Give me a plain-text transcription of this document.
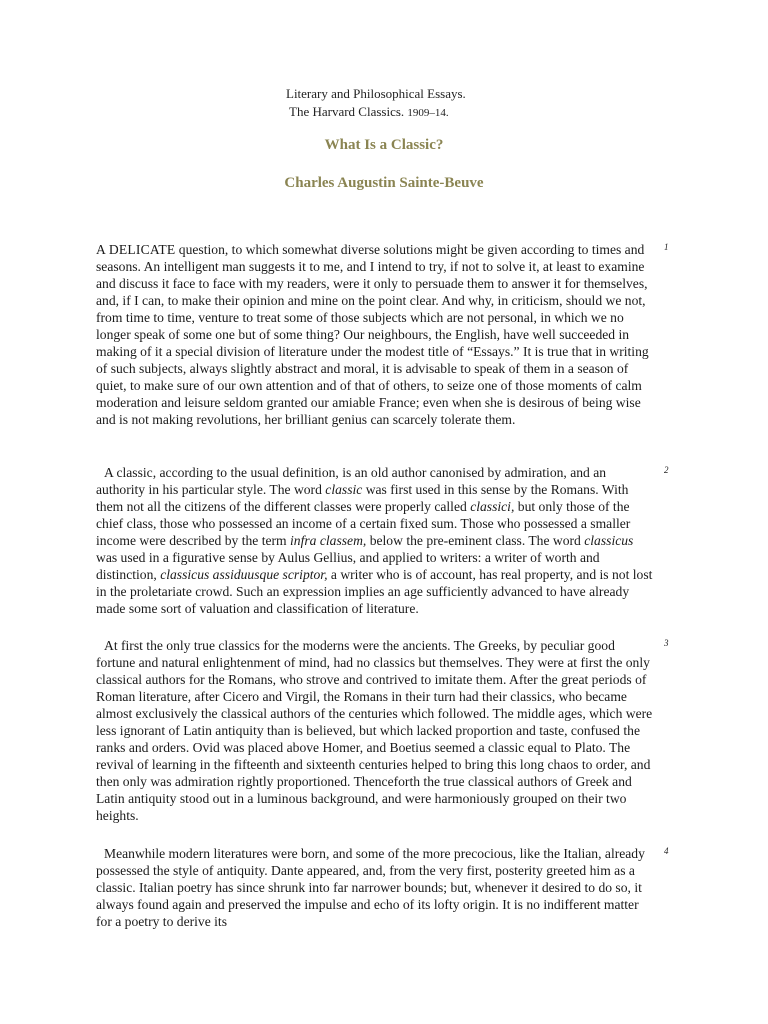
Literary and Philosophical Essays.
The Harvard Classics. 1909–14.
What Is a Classic?
Charles Augustin Sainte-Beuve
A DELICATE question, to which somewhat diverse solutions might be given according to times and seasons. An intelligent man suggests it to me, and I intend to try, if not to solve it, at least to examine and discuss it face to face with my readers, were it only to persuade them to answer it for themselves, and, if I can, to make their opinion and mine on the point clear. And why, in criticism, should we not, from time to time, venture to treat some of those subjects which are not personal, in which we no longer speak of some one but of some thing? Our neighbours, the English, have well succeeded in making of it a special division of literature under the modest title of “Essays.” It is true that in writing of such subjects, always slightly abstract and moral, it is advisable to speak of them in a season of quiet, to make sure of our own attention and of that of others, to seize one of those moments of calm moderation and leisure seldom granted our amiable France; even when she is desirous of being wise and is not making revolutions, her brilliant genius can scarcely tolerate them.
1
A classic, according to the usual definition, is an old author canonised by admiration, and an authority in his particular style. The word classic was first used in this sense by the Romans. With them not all the citizens of the different classes were properly called classici, but only those of the chief class, those who possessed an income of a certain fixed sum. Those who possessed a smaller income were described by the term infra classem, below the pre-eminent class. The word classicus was used in a figurative sense by Aulus Gellius, and applied to writers: a writer of worth and distinction, classicus assiduusque scriptor, a writer who is of account, has real property, and is not lost in the proletariate crowd. Such an expression implies an age sufficiently advanced to have already made some sort of valuation and classification of literature.
2
At first the only true classics for the moderns were the ancients. The Greeks, by peculiar good fortune and natural enlightenment of mind, had no classics but themselves. They were at first the only classical authors for the Romans, who strove and contrived to imitate them. After the great periods of Roman literature, after Cicero and Virgil, the Romans in their turn had their classics, who became almost exclusively the classical authors of the centuries which followed. The middle ages, which were less ignorant of Latin antiquity than is believed, but which lacked proportion and taste, confused the ranks and orders. Ovid was placed above Homer, and Boetius seemed a classic equal to Plato. The revival of learning in the fifteenth and sixteenth centuries helped to bring this long chaos to order, and then only was admiration rightly proportioned. Thenceforth the true classical authors of Greek and Latin antiquity stood out in a luminous background, and were harmoniously grouped on their two heights.
3
Meanwhile modern literatures were born, and some of the more precocious, like the Italian, already possessed the style of antiquity. Dante appeared, and, from the very first, posterity greeted him as a classic. Italian poetry has since shrunk into far narrower bounds; but, whenever it desired to do so, it always found again and preserved the impulse and echo of its lofty origin. It is no indifferent matter for a poetry to derive its
4
